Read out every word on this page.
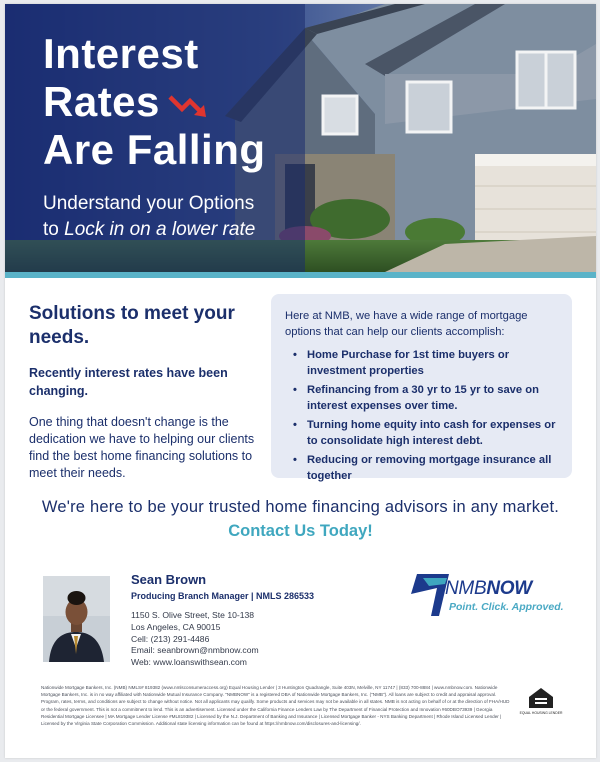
Interest
Rates
Are Falling
Understand your Options
to Lock in on a lower rate
Solutions to meet your needs.
Recently interest rates have been changing.
One thing that doesn't change is the dedication we have to helping our clients find the best home financing solutions to meet their needs.
Here at NMB, we have a wide range of mortgage options that can help our clients accomplish:
• Home Purchase for 1st time buyers or investment properties
• Refinancing from a 30 yr to 15 yr to save on interest expenses over time.
• Turning home equity into cash for expenses or to consolidate high interest debt.
• Reducing or removing mortgage insurance all together
We're here to be your trusted home financing advisors in any market.
Contact Us Today!
Sean Brown
Producing Branch Manager | NMLS 286533
1150 S. Olive Street, Ste 10-138
Los Angeles, CA 90015
Cell: (213) 291-4486
Email: seanbrown@nmbnow.com
Web: www.loanswithsean.com
NMBNOW
Point. Click. Approved.
Nationwide Mortgage Bankers, Inc. (NMB) NMLS# 819382 (www.nmlsconsumeraccess.org) Equal Housing Lender | 3 Huntington Quadrangle, Suite 403N, Melville, NY 11747 | (833) 700-8884 | www.nmbnow.com. Nationwide Mortgage Bankers, Inc. is in no way affiliated with Nationwide Mutual Insurance Company. "NMBNOW" is a registered DBA of Nationwide Mortgage Bankers, Inc. ("NMB"). All loans are subject to credit and appraisal approval. Program, rates, terms, and conditions are subject to change without notice. Not all applicants may qualify. Some products and services may not be available in all states. NMB is not acting on behalf of or at the direction of FHA/HUD or the federal government. This is not a commitment to lend. This is an advertisement. Licensed under the California Finance Lenders Law by The Department of Financial Protection and Innovation #60DBO73939 | Georgia Residential Mortgage Licensee | MA Mortgage Lender License #ML819382 | Licensed by the N.J. Department of Banking and Insurance | Licensed Mortgage Banker - NYS Banking Department | Rhode Island Licensed Lender | Licensed by the Virginia State Corporation Commission. Additional state licensing information can be found at https://nmbnow.com/disclosures-and-licensing/.
EQUAL HOUSING LENDER
